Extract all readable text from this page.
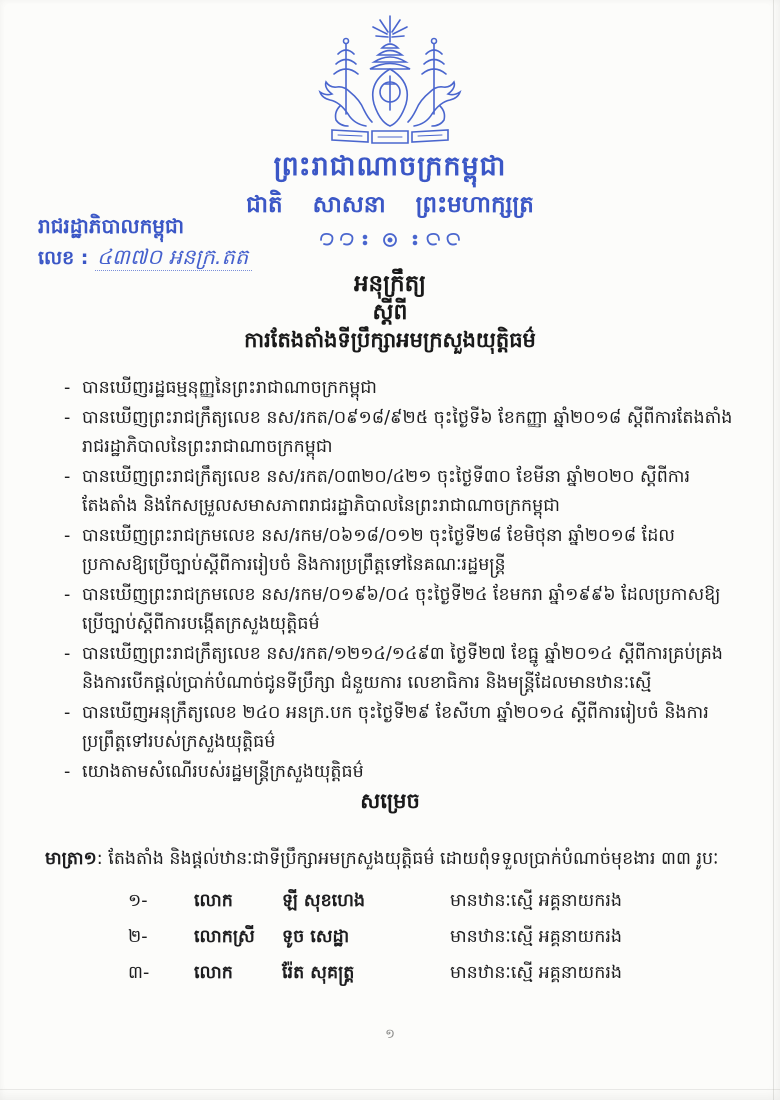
ព្រះរាជាណាចក្រកម្ពុជា
ជាតិ សាសនា ព្រះមហាក្សត្រ
រាជរដ្ឋាភិបាលកម្ពុជា
លេខ : ៤៣៧០ អនក្រ.តត
អនុក្រឹត្យ
ស្តីពី
ការតែងតាំងទីប្រឹក្សាអមក្រសួងយុត្តិធម៌
- បានឃើញរដ្ឋធម្មនុញ្ញនៃព្រះរាជាណាចក្រកម្ពុជា
- បានឃើញព្រះរាជក្រឹត្យលេខ នស/រកត/០៩១៨/៩២៥ ចុះថ្ងៃទី៦ ខែកញ្ញា ឆ្នាំ២០១៨ ស្តីពីការតែងតាំងរាជរដ្ឋាភិបាលនៃព្រះរាជាណាចក្រកម្ពុជា
- បានឃើញព្រះរាជក្រឹត្យលេខ នស/រកត/០៣២០/៤២១ ចុះថ្ងៃទី៣០ ខែមីនា ឆ្នាំ២០២០ ស្តីពីការតែងតាំង និងកែសម្រួលសមាសភាពរាជរដ្ឋាភិបាលនៃព្រះរាជាណាចក្រកម្ពុជា
- បានឃើញព្រះរាជក្រមលេខ នស/រកម/០៦១៨/០១២ ចុះថ្ងៃទី២៨ ខែមិថុនា ឆ្នាំ២០១៨ ដែលប្រកាសឱ្យប្រើច្បាប់ស្តីពីការរៀបចំ និងការប្រព្រឹត្តទៅនៃគណៈរដ្ឋមន្ត្រី
- បានឃើញព្រះរាជក្រមលេខ នស/រកម/០១៩៦/០៤ ចុះថ្ងៃទី២៤ ខែមករា ឆ្នាំ១៩៩៦ ដែលប្រកាសឱ្យប្រើច្បាប់ស្តីពីការបង្កើតក្រសួងយុត្តិធម៌
- បានឃើញព្រះរាជក្រឹត្យលេខ នស/រកត/១២១៤/១៤៩៣ ថ្ងៃទី២៧ ខែធ្នូ ឆ្នាំ២០១៤ ស្តីពីការគ្រប់គ្រងនិងការបើកផ្តល់ប្រាក់បំណាច់ជូនទីប្រឹក្សា ជំនួយការ លេខាធិការ និងមន្ត្រីដែលមានឋានៈស្មើ
- បានឃើញអនុក្រឹត្យលេខ ២៤០ អនក្រ.បក ចុះថ្ងៃទី២៩ ខែសីហា ឆ្នាំ២០១៤ ស្តីពីការរៀបចំ និងការប្រព្រឹត្តទៅរបស់ក្រសួងយុត្តិធម៌
- យោងតាមសំណើរបស់រដ្ឋមន្ត្រីក្រសួងយុត្តិធម៌
សម្រេច
មាត្រា១: តែងតាំង និងផ្តល់ឋានៈជាទីប្រឹក្សាអមក្រសួងយុត្តិធម៌ ដោយពុំទទួលប្រាក់បំណាច់មុខងារ ៣៣ រូបៈ
១-	លោក	ឡី សុខហេង	មានឋានៈស្មើ អគ្គនាយករង
២-	លោកស្រី	ទូច សេដ្ឋា	មានឋានៈស្មើ អគ្គនាយករង
៣-	លោក	រ៉ែត សុគត្រ្គ	មានឋានៈស្មើ អគ្គនាយករង
១
